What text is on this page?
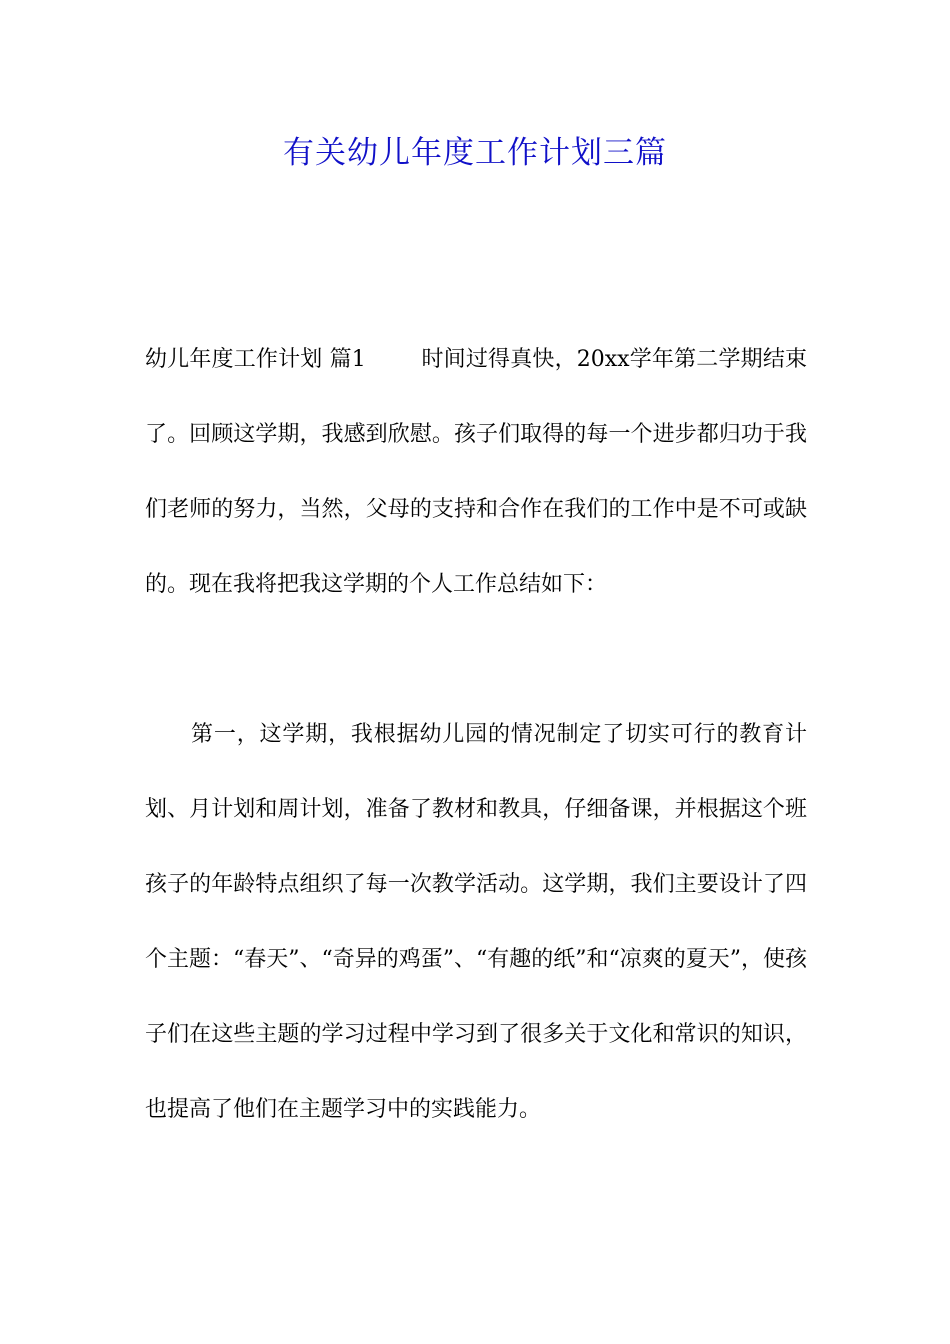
有关幼儿年度工作计划三篇

幼儿年度工作计划 篇1　　 	时间过得真快，20xx学年第二学期结束了。回顾这学期，我感到欣慰。孩子们取得的每一个进步都归功于我们老师的努力，当然，父母的支持和合作在我们的工作中是不可或缺的。现在我将把我这学期的个人工作总结如下：

第一，这学期，我根据幼儿园的情况制定了切实可行的教育计划、月计划和周计划，准备了教材和教具，仔细备课，并根据这个班孩子的年龄特点组织了每一次教学活动。这学期，我们主要设计了四个主题：“春天”、“奇异的鸡蛋”、“有趣的纸”和“凉爽的夏天”，使孩子们在这些主题的学习过程中学习到了很多关于文化和常识的知识，也提高了他们在主题学习中的实践能力。
